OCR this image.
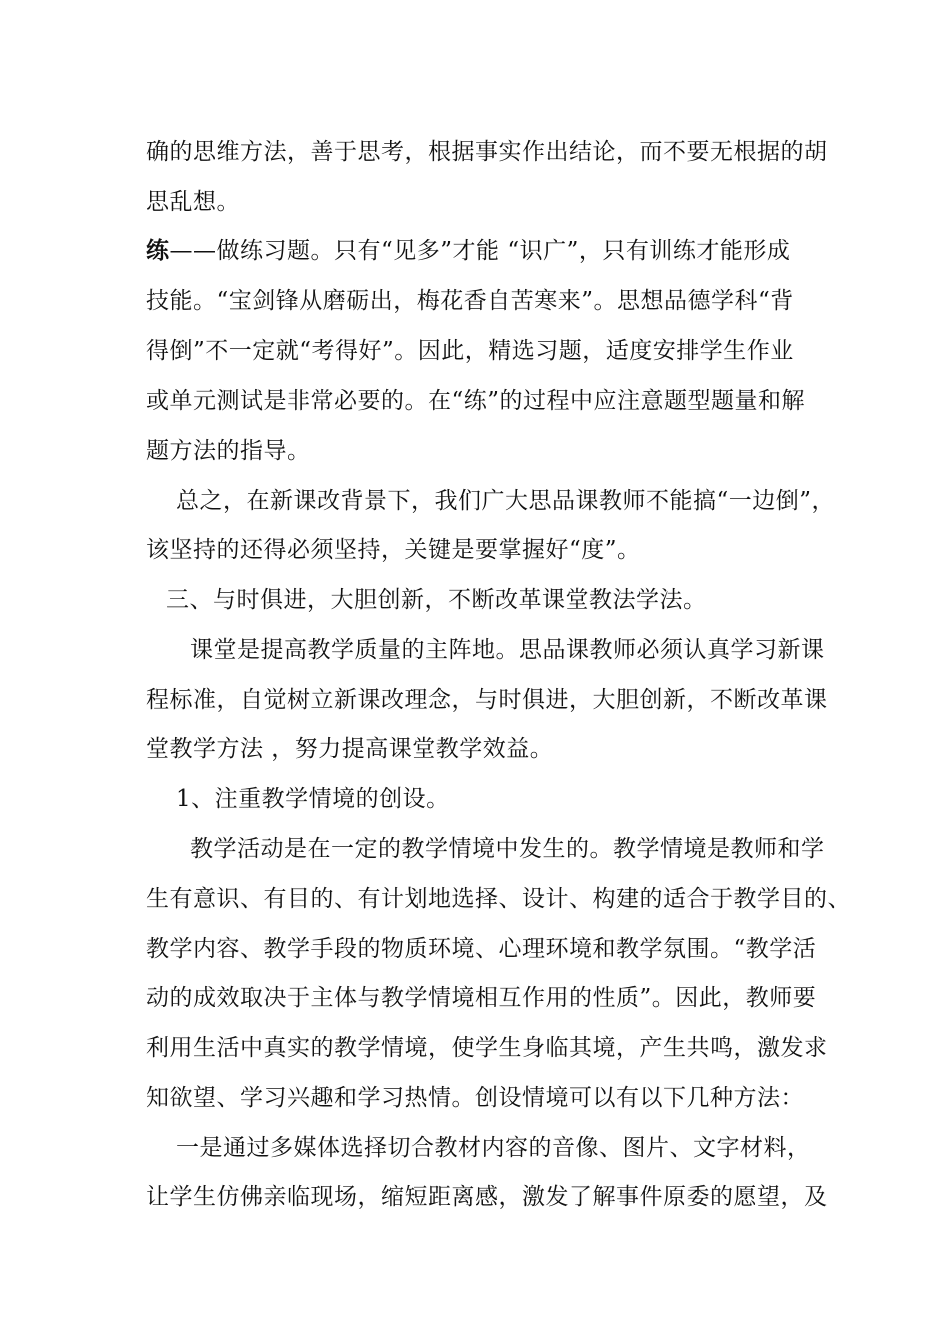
确的思维方法，善于思考，根据事实作出结论，而不要无根据的胡
思乱想。
练——做练习题。只有“见多”才能 “识广”，只有训练才能形成
技能。“宝剑锋从磨砺出，梅花香自苦寒来”。思想品德学科“背
得倒”不一定就“考得好”。因此，精选习题，适度安排学生作业
或单元测试是非常必要的。在“练”的过程中应注意题型题量和解
题方法的指导。
总之，在新课改背景下，我们广大思品课教师不能搞“一边倒”，
该坚持的还得必须坚持，关键是要掌握好“度”。
三、与时俱进，大胆创新，不断改革课堂教法学法。
课堂是提高教学质量的主阵地。思品课教师必须认真学习新课
程标准，自觉树立新课改理念，与时俱进，大胆创新，不断改革课
堂教学方法 ，努力提高课堂教学效益。
1、注重教学情境的创设。
教学活动是在一定的教学情境中发生的。教学情境是教师和学
生有意识、有目的、有计划地选择、设计、构建的适合于教学目的、
教学内容、教学手段的物质环境、心理环境和教学氛围。“教学活
动的成效取决于主体与教学情境相互作用的性质”。因此，教师要
利用生活中真实的教学情境，使学生身临其境，产生共鸣，激发求
知欲望、学习兴趣和学习热情。创设情境可以有以下几种方法：
一是通过多媒体选择切合教材内容的音像、图片、文字材料，
让学生仿佛亲临现场，缩短距离感，激发了解事件原委的愿望，及
